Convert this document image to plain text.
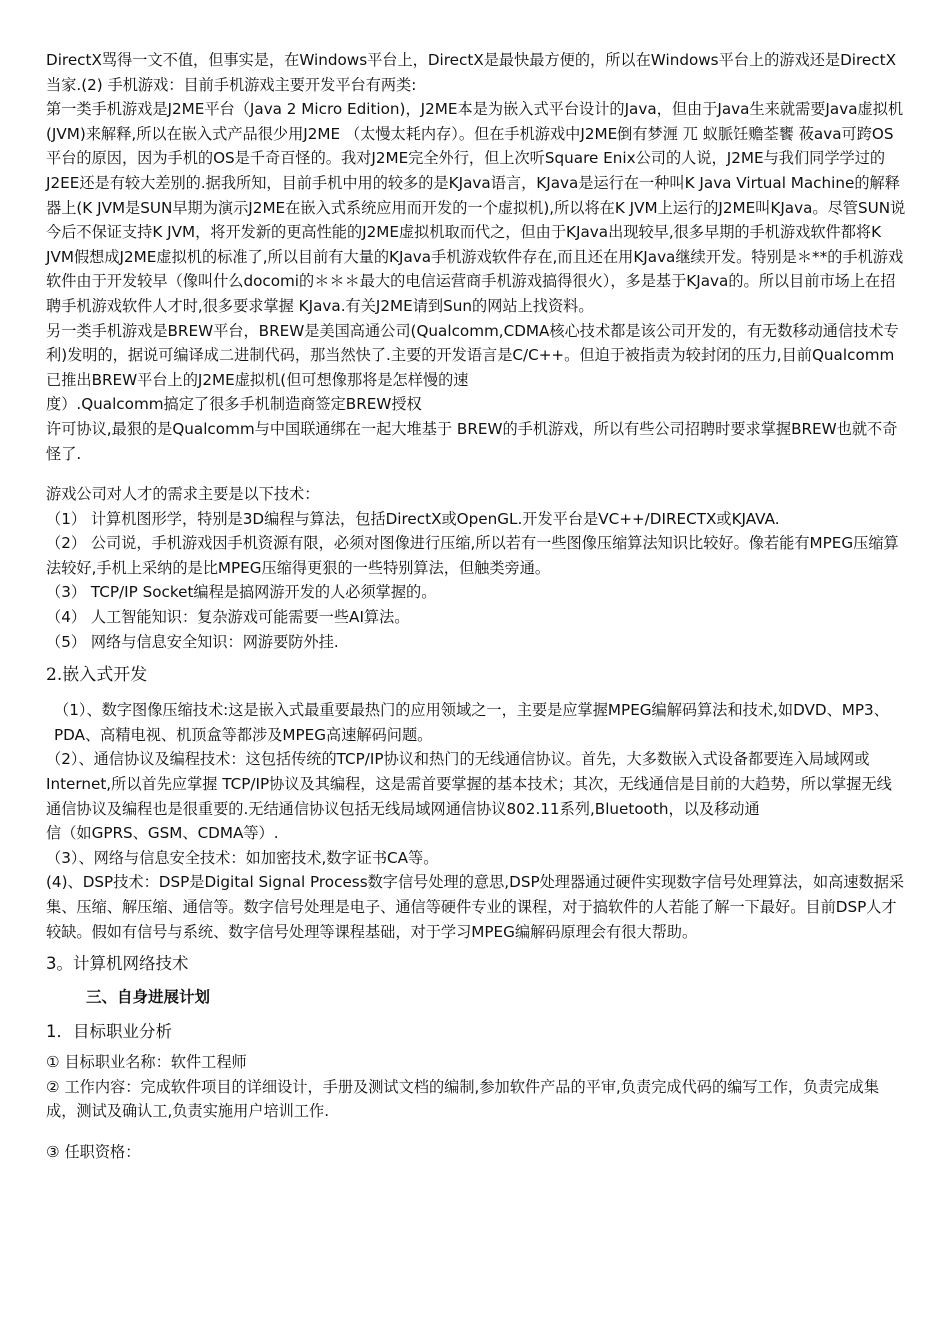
DirectX骂得一文不值，但事实是，在Windows平台上，DirectX是最快最方便的，所以在Windows平台上的游戏还是DirectX当家.(2) 手机游戏：目前手机游戏主要开发平台有两类:

第一类手机游戏是J2ME平台（Java 2 Micro Edition)，J2ME本是为嵌入式平台设计的Java，但由于Java生来就需要Java虚拟机(JVM)来解释,所以在嵌入式产品很少用J2ME （太慢太耗内存）。但在手机游戏中J2ME倒有梦湹 兀 蚁脈饪赡荃饔 莜ava可跨OS平台的原因，因为手机的OS是千奇百怪的。我对J2ME完全外行，但上次听Square Enix公司的人说，J2ME与我们同学学过的J2EE还是有较大差别的.据我所知，目前手机中用的较多的是KJava语言，KJava是运行在一种叫K Java Virtual Machine的解释器上(K JVM是SUN早期为演示J2ME在嵌入式系统应用而开发的一个虚拟机),所以将在K JVM上运行的J2ME叫KJava。尽管SUN说今后不保证支持K JVM，将开发新的更高性能的J2ME虚拟机取而代之，但由于KJava出现较早,很多早期的手机游戏软件都将K JVM假想成J2ME虚拟机的标准了,所以目前有大量的KJava手机游戏软件存在,而且还在用KJava继续开发。特别是＊**的手机游戏软件由于开发较早（像叫什么docomi的＊＊＊最大的电信运营商手机游戏搞得很火），多是基于KJava的。所以目前市场上在招聘手机游戏软件人才时,很多要求掌握 KJava.有关J2ME请到Sun的网站上找资料。

另一类手机游戏是BREW平台，BREW是美国高通公司(Qualcomm,CDMA核心技术都是该公司开发的，有无数移动通信技术专利)发明的，据说可编译成二进制代码，那当然快了.主要的开发语言是C/C++。但迫于被指责为较封闭的压力,目前Qualcomm已推出BREW平台上的J2ME虚拟机(但可想像那将是怎样慢的速

度）.Qualcomm搞定了很多手机制造商签定BREW授权

许可协议,最狠的是Qualcomm与中国联通绑在一起大堆基于 BREW的手机游戏，所以有些公司招聘时要求掌握BREW也就不奇怪了.

游戏公司对人才的需求主要是以下技术：

（1） 计算机图形学，特别是3D编程与算法，包括DirectX或OpenGL.开发平台是VC++/DIRECTX或KJAVA.

（2） 公司说，手机游戏因手机资源有限，必须对图像进行压缩,所以若有一些图像压缩算法知识比较好。像若能有MPEG压缩算法较好,手机上采纳的是比MPEG压缩得更狠的一些特别算法，但触类旁通。

（3） TCP/IP Socket编程是搞网游开发的人必须掌握的。

（4） 人工智能知识：复杂游戏可能需要一些AI算法。

（5） 网络与信息安全知识：网游要防外挂.

2.嵌入式开发

（1）、数字图像压缩技术:这是嵌入式最重要最热门的应用领域之一，主要是应掌握MPEG编解码算法和技术,如DVD、MP3、PDA、高精电视、机顶盒等都涉及MPEG高速解码问题。

（2）、通信协议及编程技术：这包括传统的TCP/IP协议和热门的无线通信协议。首先，大多数嵌入式设备都要连入局域网或Internet,所以首先应掌握 TCP/IP协议及其编程，这是需首要掌握的基本技术；其次，无线通信是目前的大趋势，所以掌握无线通信协议及编程也是很重要的.无结通信协议包括无线局域网通信协议802.11系列,Bluetooth，以及移动通

信（如GPRS、GSM、CDMA等）.

（3）、网络与信息安全技术：如加密技术,数字证书CA等。

(4)、DSP技术：DSP是Digital Signal Process数字信号处理的意思,DSP处理器通过硬件实现数字信号处理算法，如高速数据采集、压缩、解压缩、通信等。数字信号处理是电子、通信等硬件专业的课程，对于搞软件的人若能了解一下最好。目前DSP人才较缺。假如有信号与系统、数字信号处理等课程基础，对于学习MPEG编解码原理会有很大帮助。

3。计算机网络技术
三、自身进展计划
1．目标职业分析

① 目标职业名称：软件工程师

② 工作内容：完成软件项目的详细设计，手册及测试文档的编制,参加软件产品的平审,负责完成代码的编写工作，负责完成集成，测试及确认工,负责实施用户培训工作.

③ 任职资格：
